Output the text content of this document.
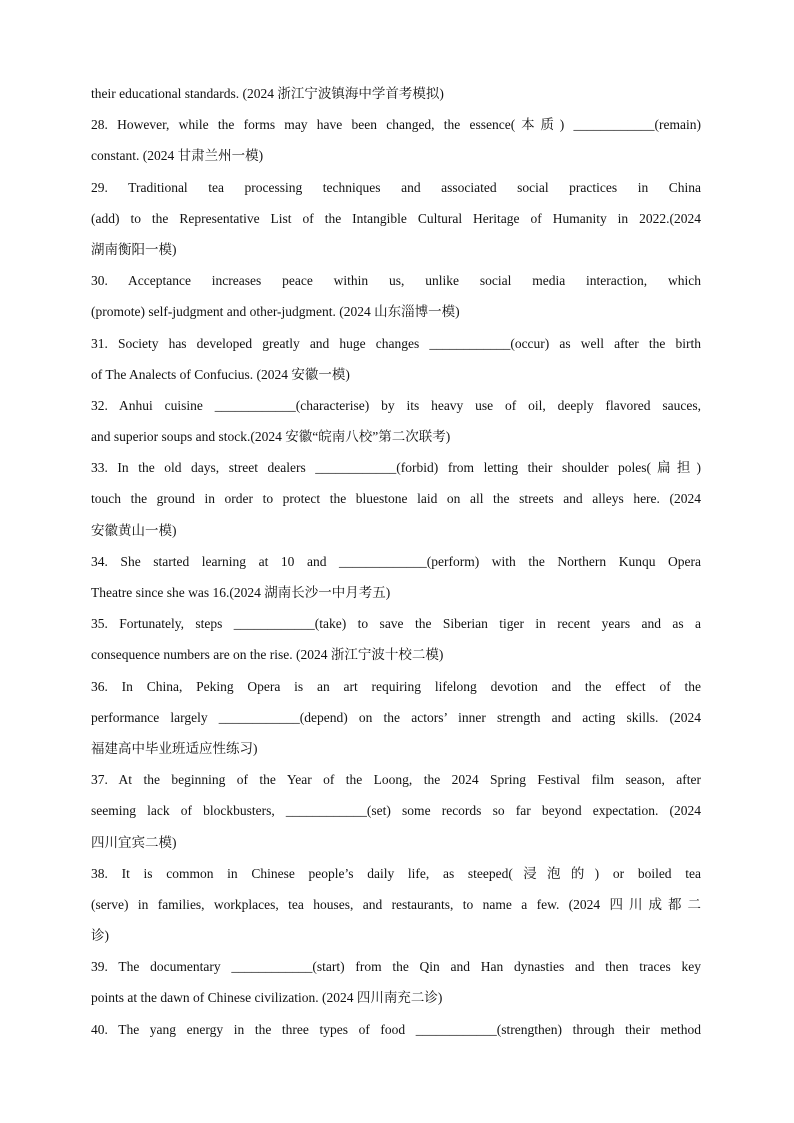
their educational standards. (2024 浙江宁波镇海中学首考模拟)
28. However, while the forms may have been changed, the essence(本质) ____________(remain)
constant. (2024 甘肃兰州一模)
29. Traditional tea processing techniques and associated social practices in China
(add) to the Representative List of the Intangible Cultural Heritage of Humanity in 2022.(2024
湖南衡阳一模)
30. Acceptance increases peace within us, unlike social media interaction, which
(promote) self-judgment and other-judgment. (2024 山东淄博一模)
31. Society has developed greatly and huge changes ____________(occur) as well after the birth
of The Analects of Confucius. (2024 安徽一模)
32. Anhui cuisine ____________(characterise) by its heavy use of oil, deeply flavored sauces,
and superior soups and stock.(2024 安徽“皖南八校”第二次联考)
33. In the old days, street dealers ____________(forbid) from letting their shoulder poles(扁担)
touch the ground in order to protect the bluestone laid on all the streets and alleys here. (2024
安徽黄山一模)
34. She started learning at 10 and _____________(perform) with the Northern Kunqu Opera
Theatre since she was 16.(2024 湖南长沙一中月考五)
35. Fortunately, steps ____________(take) to save the Siberian tiger in recent years and as a
consequence numbers are on the rise. (2024 浙江宁波十校二模)
36. In China, Peking Opera is an art requiring lifelong devotion and the effect of the
performance largely ____________(depend) on the actors’ inner strength and acting skills. (2024
福建高中毕业班适应性练习)
37. At the beginning of the Year of the Loong, the 2024 Spring Festival film season, after
seeming lack of blockbusters, ____________(set) some records so far beyond expectation. (2024
四川宜宾二模)
38. It is common in Chinese people’s daily life, as steeped(浸泡的) or boiled tea
(serve) in families, workplaces, tea houses, and restaurants, to name a few. (2024 四川成都二
诊)
39. The documentary ____________(start) from the Qin and Han dynasties and then traces key
points at the dawn of Chinese civilization. (2024 四川南充二诊)
40. The yang energy in the three types of food ____________(strengthen) through their method
